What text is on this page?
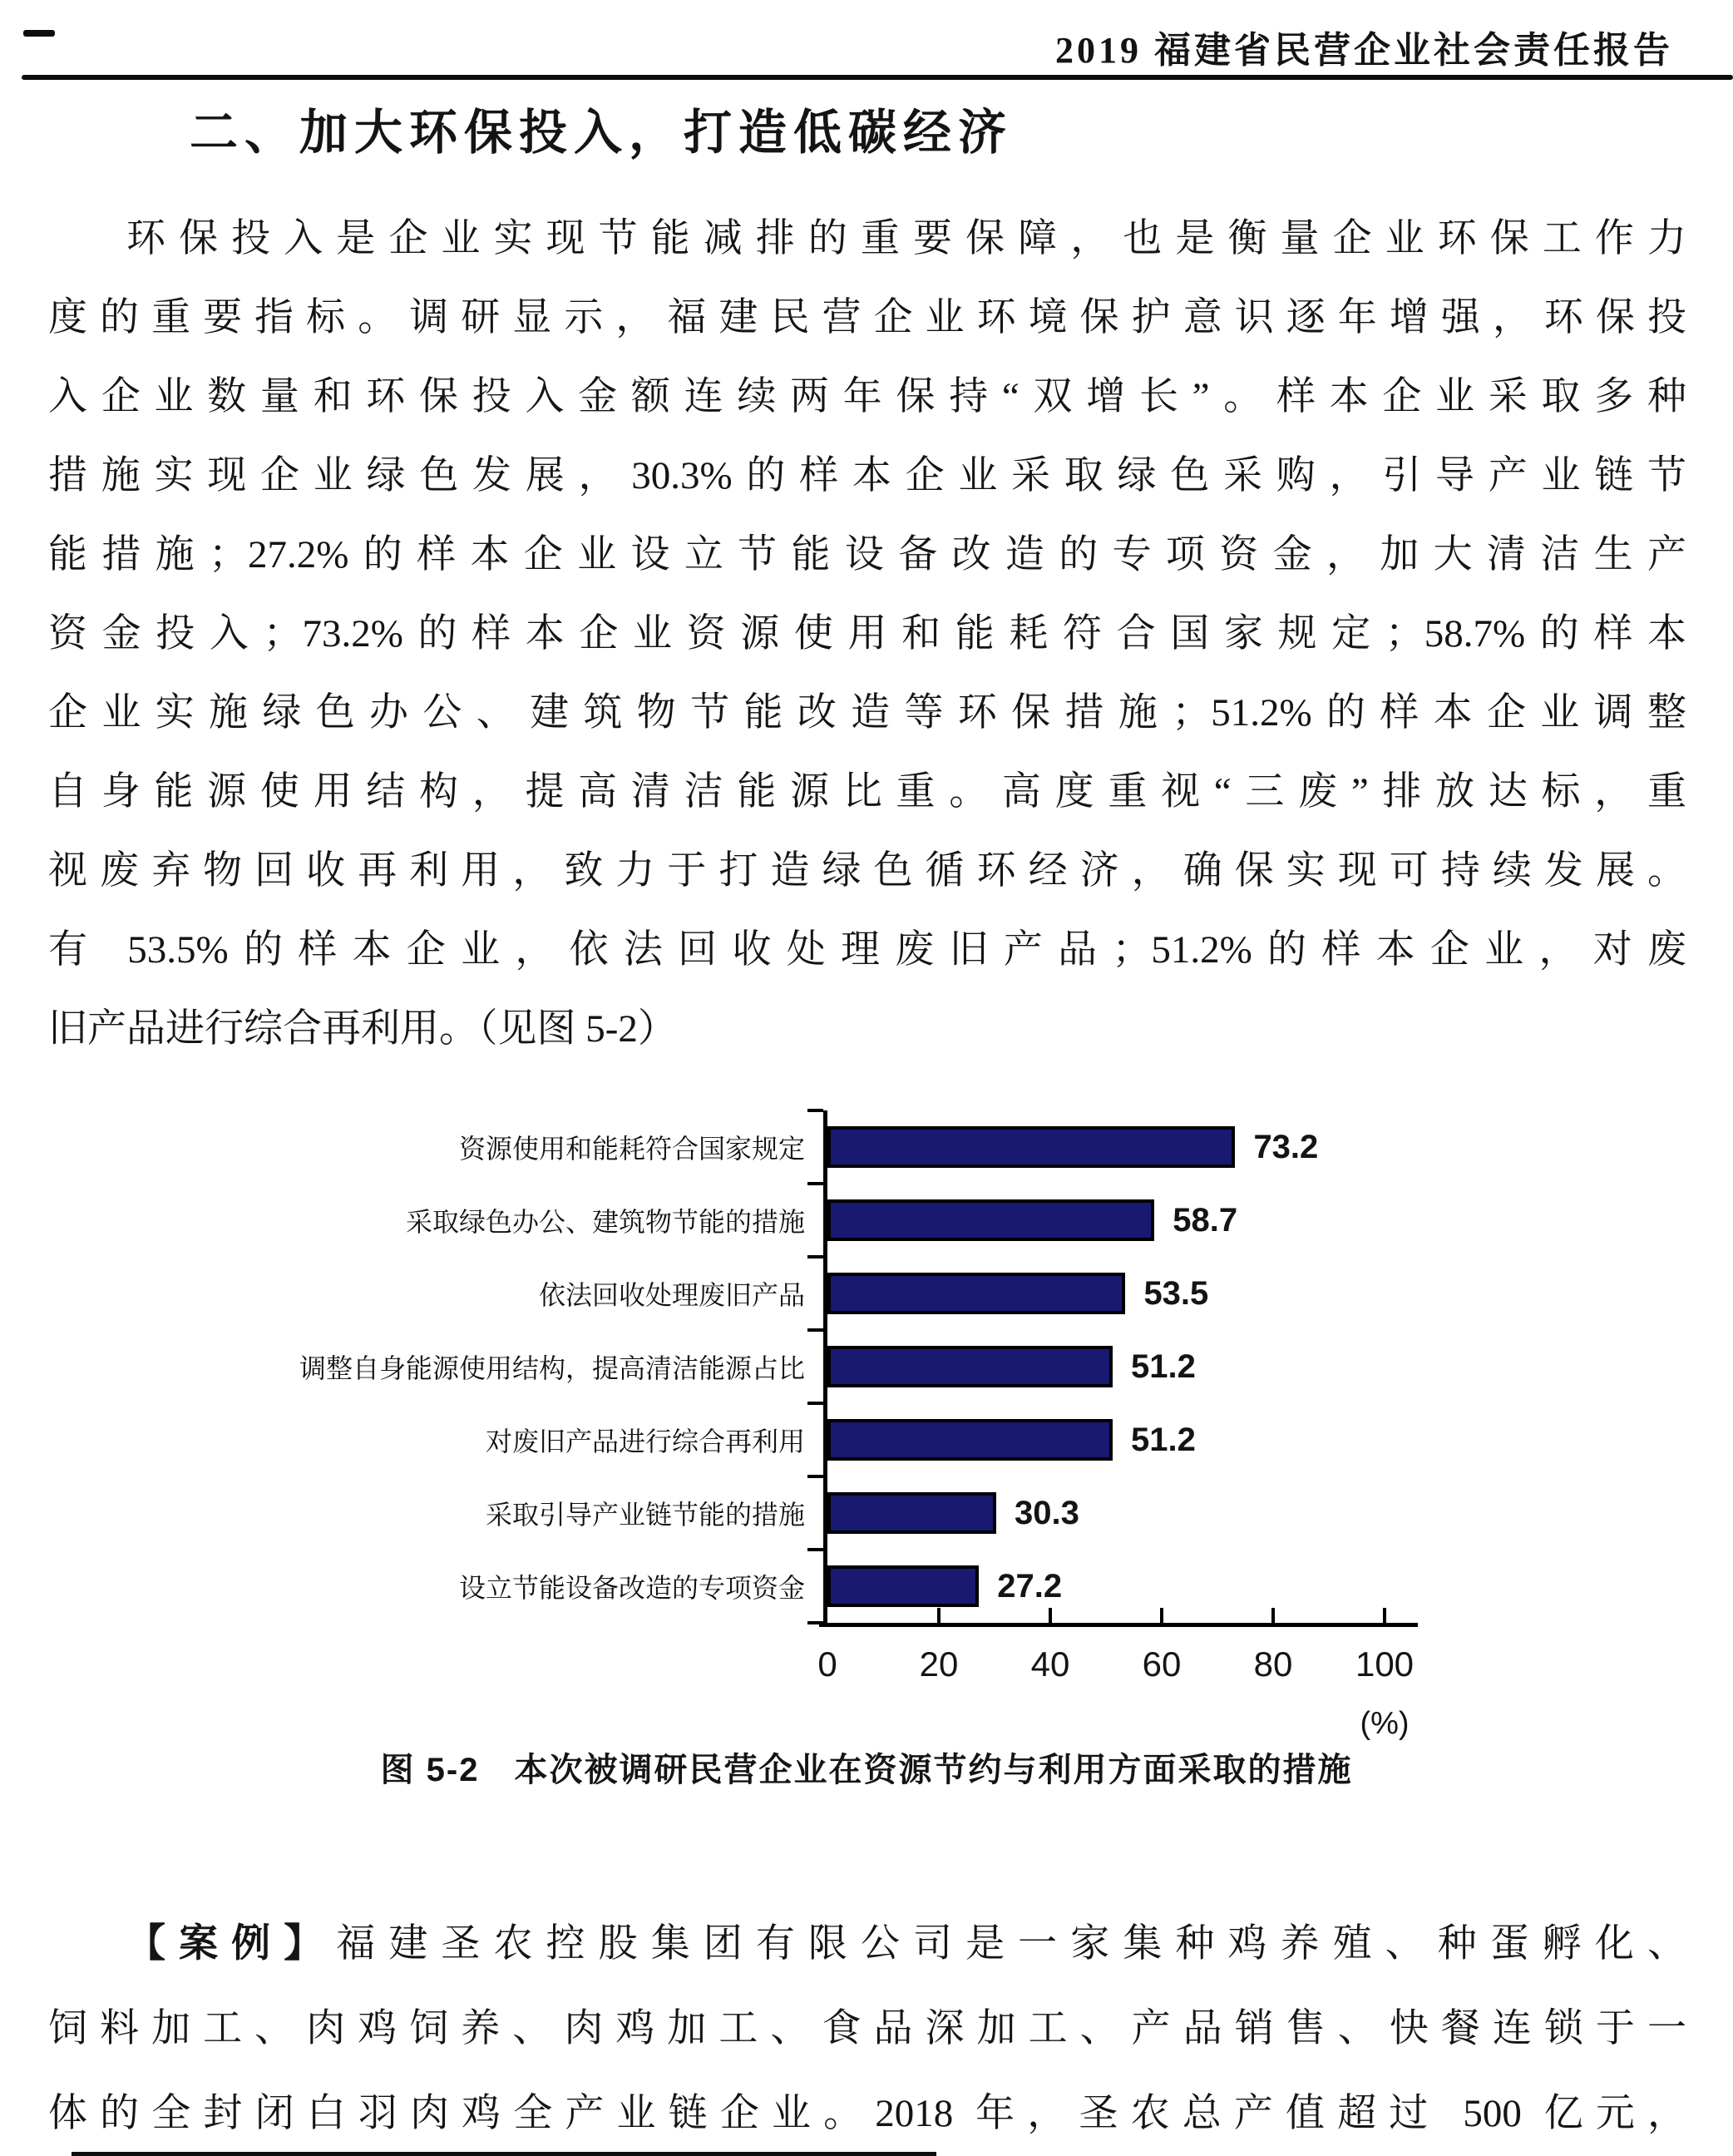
2019 福建省民营企业社会责任报告
二、加大环保投入，打造低碳经济
环保投入是企业实现节能减排的重要保障，也是衡量企业环保工作力
度的重要指标。调研显示，福建民营企业环境保护意识逐年增强，环保投
入企业数量和环保投入金额连续两年保持“双增长”。样本企业采取多种
措施实现企业绿色发展，30.3%的样本企业采取绿色采购，引导产业链节
能措施；27.2%的样本企业设立节能设备改造的专项资金，加大清洁生产
资金投入；73.2%的样本企业资源使用和能耗符合国家规定；58.7%的样本
企业实施绿色办公、建筑物节能改造等环保措施；51.2%的样本企业调整
自身能源使用结构，提高清洁能源比重。高度重视“三废”排放达标，重
视废弃物回收再利用，致力于打造绿色循环经济，确保实现可持续发展。
有 53.5%的样本企业，依法回收处理废旧产品；51.2%的样本企业，对废
旧产品进行综合再利用。（见图 5-2）
资源使用和能耗符合国家规定	73.2
采取绿色办公、建筑物节能的措施	58.7
依法回收处理废旧产品	53.5
调整自身能源使用结构，提高清洁能源占比	51.2
对废旧产品进行综合再利用	51.2
采取引导产业链节能的措施	30.3
设立节能设备改造的专项资金	27.2
0 20 40 60 80 100
(%)
图 5-2　本次被调研民营企业在资源节约与利用方面采取的措施
【案例】福建圣农控股集团有限公司是一家集种鸡养殖、种蛋孵化、
饲料加工、肉鸡饲养、肉鸡加工、食品深加工、产品销售、快餐连锁于一
体的全封闭白羽肉鸡全产业链企业。2018 年，圣农总产值超过 500 亿元，
